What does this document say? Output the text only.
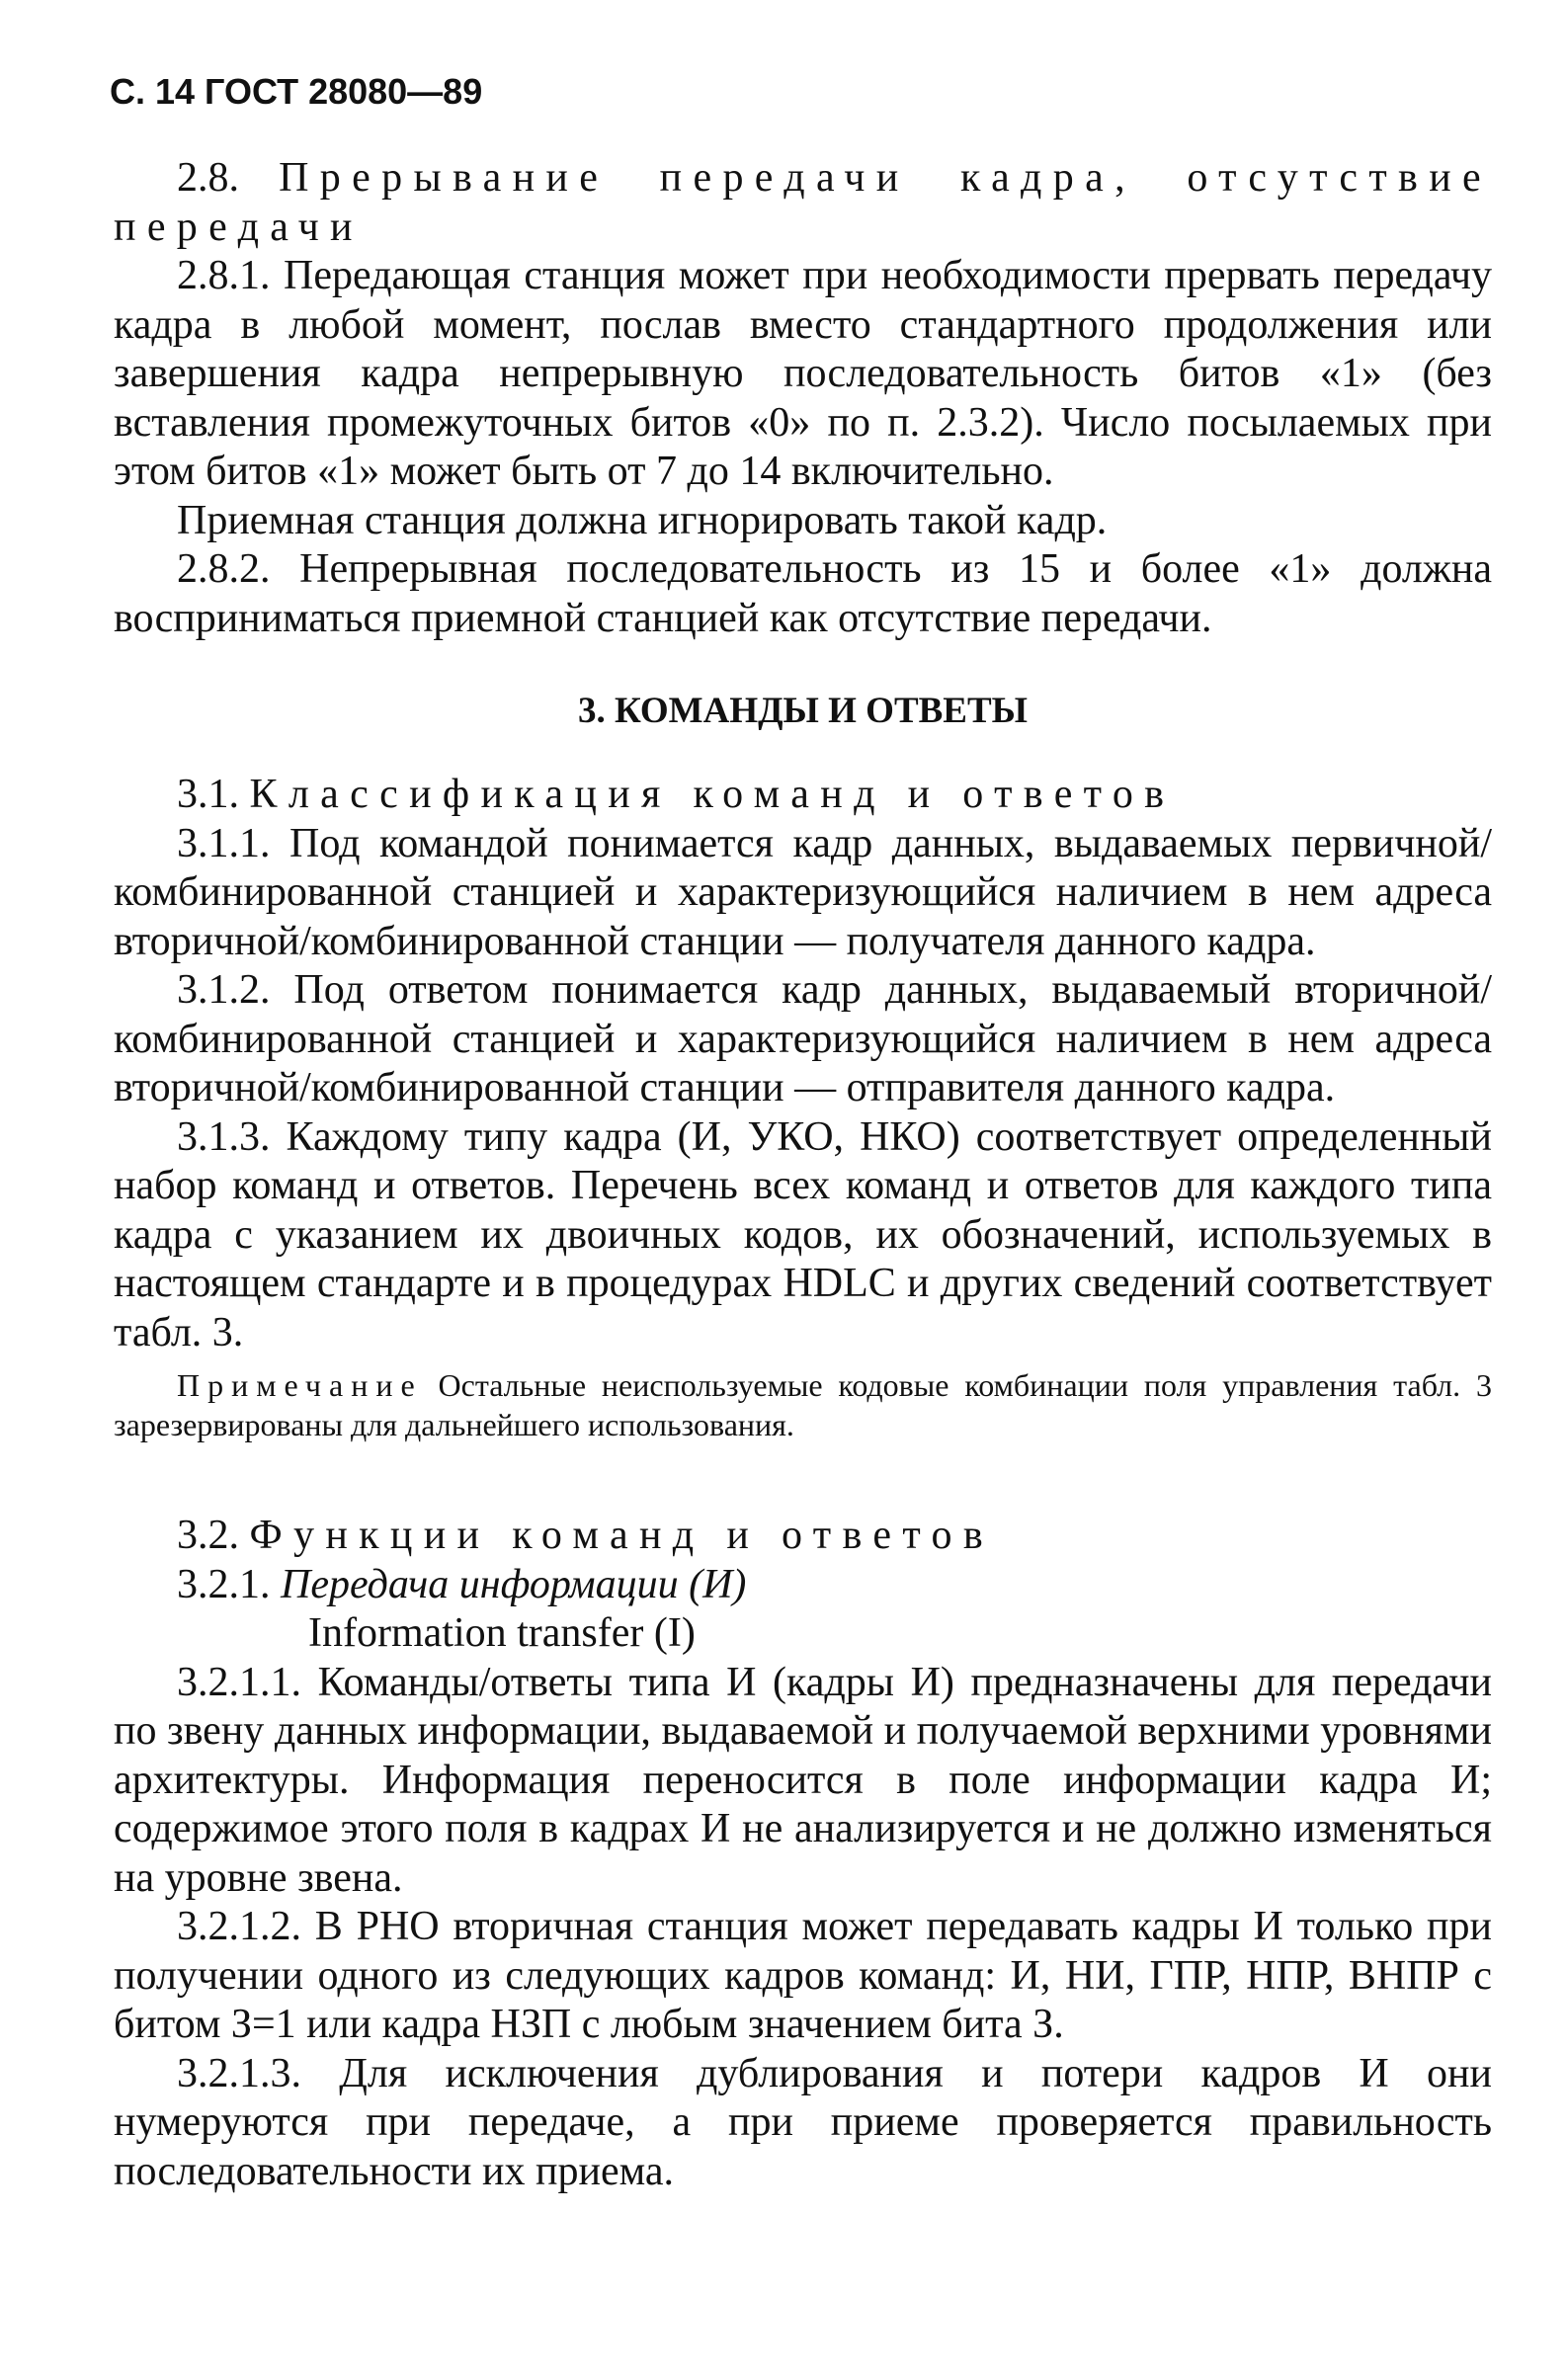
С. 14 ГОСТ 28080—89

2.8. Прерывание передачи кадра, отсутствие передачи

2.8.1. Передающая станция может при необходимости прервать передачу кадра в любой момент, послав вместо стандартного продолжения или завершения кадра непрерывную последовательность битов «1» (без вставления промежуточных битов «0» по п. 2.3.2). Число посылаемых при этом битов «1» может быть от 7 до 14 включительно.

Приемная станция должна игнорировать такой кадр.

2.8.2. Непрерывная последовательность из 15 и более «1» должна восприниматься приемной станцией как отсутствие передачи.

3. КОМАНДЫ И ОТВЕТЫ

3.1. Классификация команд и ответов

3.1.1. Под командой понимается кадр данных, выдаваемых первичной/комбинированной станцией и характеризующийся наличием в нем адреса вторичной/комбинированной станции — получателя данного кадра.

3.1.2. Под ответом понимается кадр данных, выдаваемый вторичной/комбинированной станцией и характеризующийся наличием в нем адреса вторичной/комбинированной станции — отправителя данного кадра.

3.1.3. Каждому типу кадра (И, УКО, НКО) соответствует определенный набор команд и ответов. Перечень всех команд и ответов для каждого типа кадра с указанием их двоичных кодов, их обозначений, используемых в настоящем стандарте и в процедурах HDLC и других сведений соответствует табл. 3.

Примечание Остальные неиспользуемые кодовые комбинации поля управления табл. 3 зарезервированы для дальнейшего использования.

3.2. Функции команд и ответов

3.2.1. Передача информации (И)

Information transfer (I)

3.2.1.1. Команды/ответы типа И (кадры И) предназначены для передачи по звену данных информации, выдаваемой и получаемой верхними уровнями архитектуры. Информация переносится в поле информации кадра И; содержимое этого поля в кадрах И не анализируется и не должно изменяться на уровне звена.

3.2.1.2. В РНО вторичная станция может передавать кадры И только при получении одного из следующих кадров команд: И, НИ, ГПР, НПР, ВНПР с битом З=1 или кадра НЗП с любым значением бита З.

3.2.1.3. Для исключения дублирования и потери кадров И они нумеруются при передаче, а при приеме проверяется правильность последовательности их приема.
